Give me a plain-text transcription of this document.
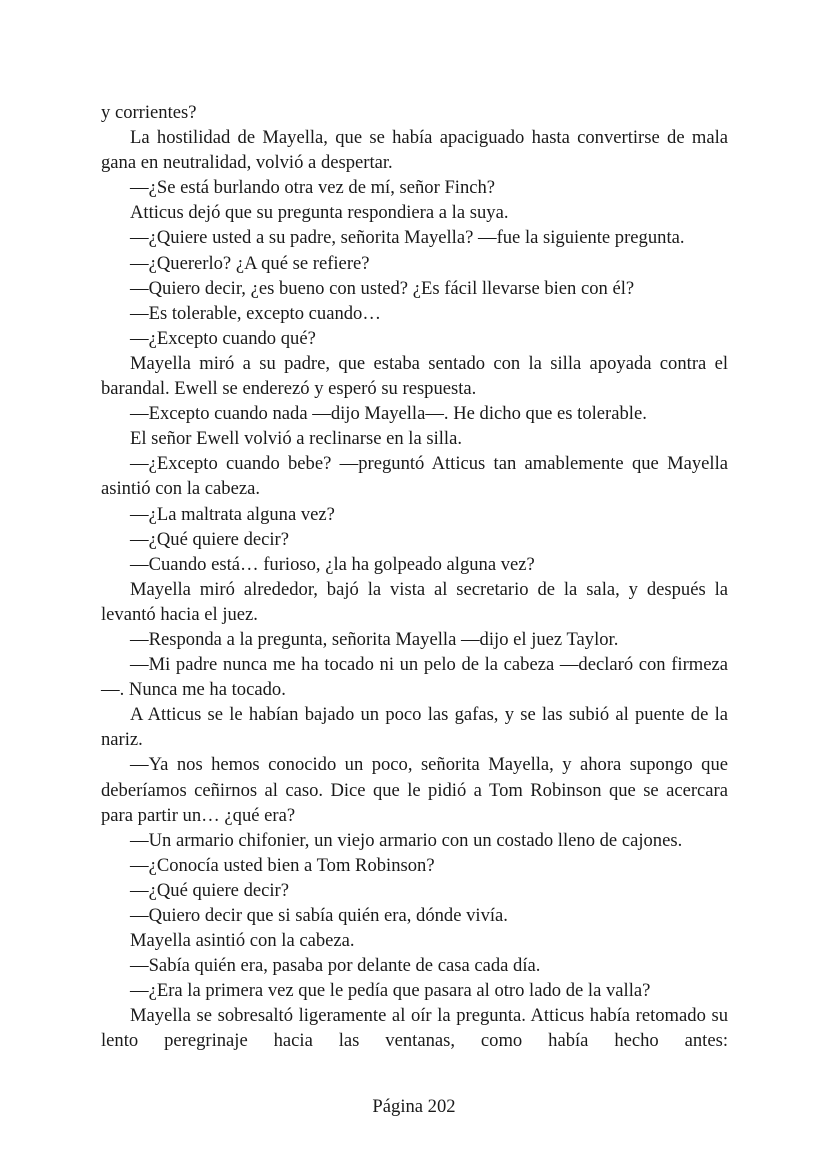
y corrientes?

La hostilidad de Mayella, que se había apaciguado hasta convertirse de mala gana en neutralidad, volvió a despertar.

—¿Se está burlando otra vez de mí, señor Finch?

Atticus dejó que su pregunta respondiera a la suya.

—¿Quiere usted a su padre, señorita Mayella? —fue la siguiente pregunta.

—¿Quererlo? ¿A qué se refiere?

—Quiero decir, ¿es bueno con usted? ¿Es fácil llevarse bien con él?

—Es tolerable, excepto cuando…

—¿Excepto cuando qué?

Mayella miró a su padre, que estaba sentado con la silla apoyada contra el barandal. Ewell se enderezó y esperó su respuesta.

—Excepto cuando nada —dijo Mayella—. He dicho que es tolerable.

El señor Ewell volvió a reclinarse en la silla.

—¿Excepto cuando bebe? —preguntó Atticus tan amablemente que Mayella asintió con la cabeza.

—¿La maltrata alguna vez?

—¿Qué quiere decir?

—Cuando está… furioso, ¿la ha golpeado alguna vez?

Mayella miró alrededor, bajó la vista al secretario de la sala, y después la levantó hacia el juez.

—Responda a la pregunta, señorita Mayella —dijo el juez Taylor.

—Mi padre nunca me ha tocado ni un pelo de la cabeza —declaró con firmeza—. Nunca me ha tocado.

A Atticus se le habían bajado un poco las gafas, y se las subió al puente de la nariz.

—Ya nos hemos conocido un poco, señorita Mayella, y ahora supongo que deberíamos ceñirnos al caso. Dice que le pidió a Tom Robinson que se acercara para partir un… ¿qué era?

—Un armario chifonier, un viejo armario con un costado lleno de cajones.

—¿Conocía usted bien a Tom Robinson?

—¿Qué quiere decir?

—Quiero decir que si sabía quién era, dónde vivía.

Mayella asintió con la cabeza.

—Sabía quién era, pasaba por delante de casa cada día.

—¿Era la primera vez que le pedía que pasara al otro lado de la valla?

Mayella se sobresaltó ligeramente al oír la pregunta. Atticus había retomado su lento peregrinaje hacia las ventanas, como había hecho antes:

Página 202
